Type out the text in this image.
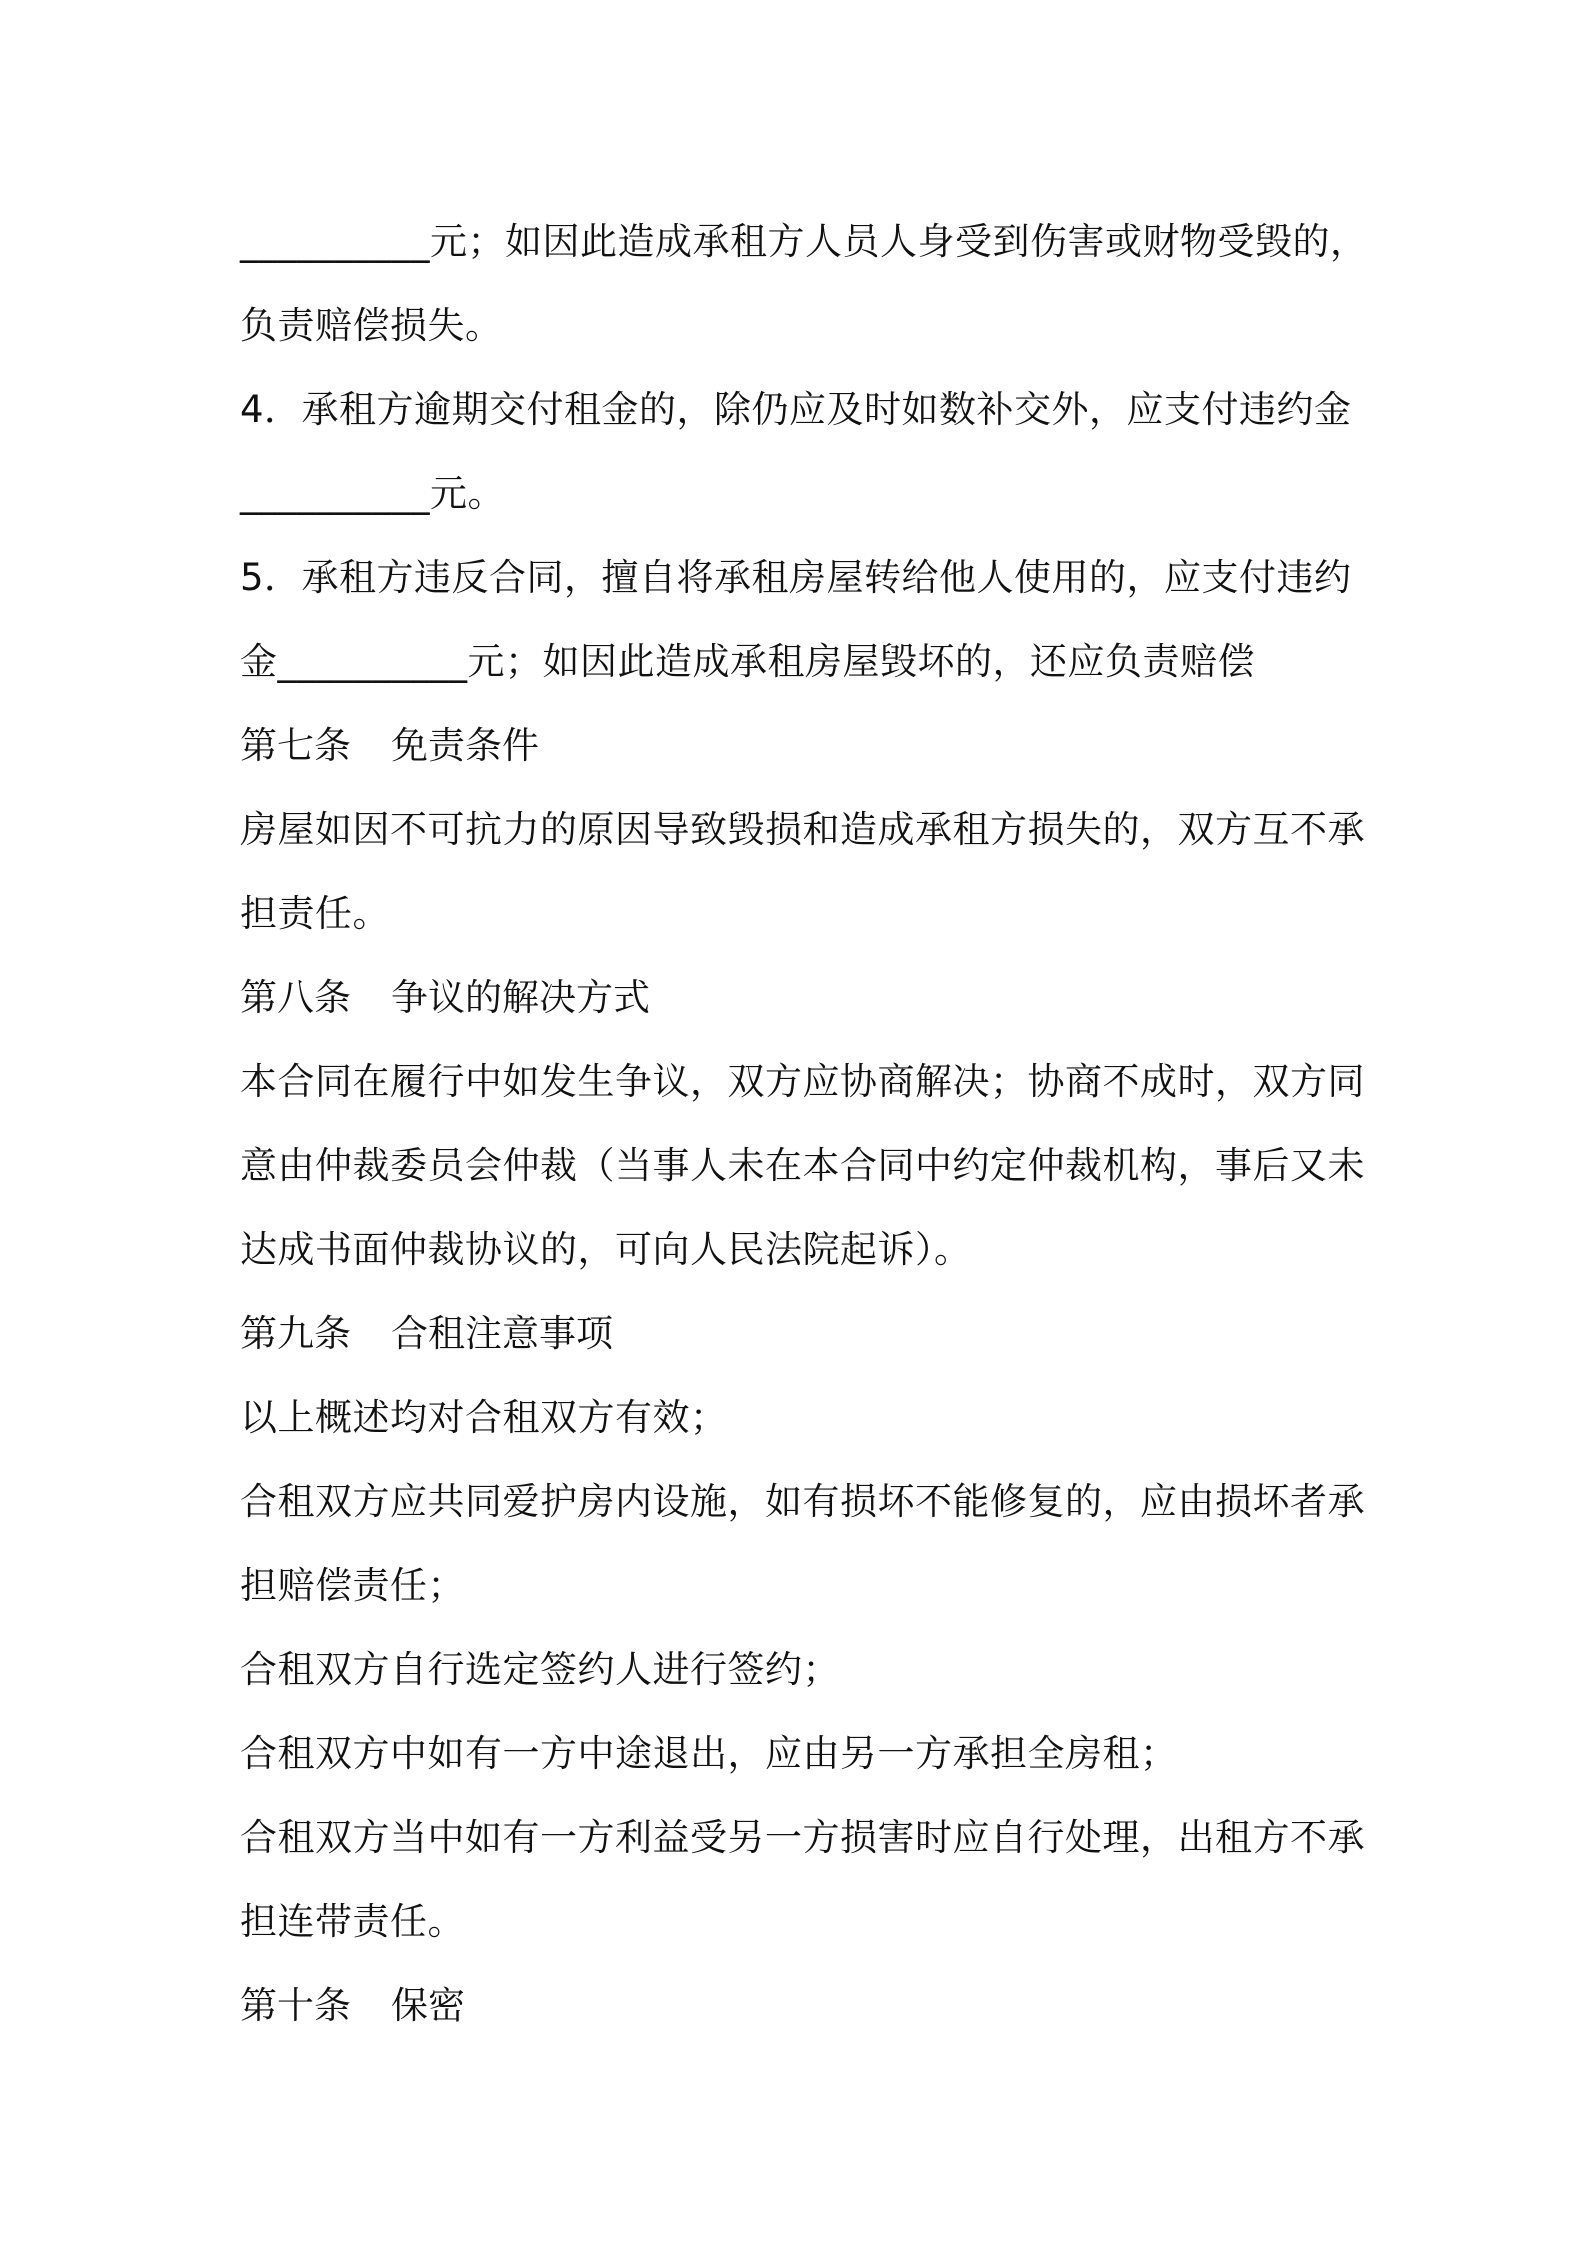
__________元；如因此造成承租方人员人身受到伤害或财物受毁的，
负责赔偿损失。
4．承租方逾期交付租金的，除仍应及时如数补交外，应支付违约金
__________元。
5．承租方违反合同，擅自将承租房屋转给他人使用的，应支付违约
金__________元；如因此造成承租房屋毁坏的，还应负责赔偿
第七条 免责条件
房屋如因不可抗力的原因导致毁损和造成承租方损失的，双方互不承
担责任。
第八条 争议的解决方式
本合同在履行中如发生争议，双方应协商解决；协商不成时，双方同
意由仲裁委员会仲裁（当事人未在本合同中约定仲裁机构，事后又未
达成书面仲裁协议的，可向人民法院起诉）。
第九条 合租注意事项
以上概述均对合租双方有效；
合租双方应共同爱护房内设施，如有损坏不能修复的，应由损坏者承
担赔偿责任；
合租双方自行选定签约人进行签约；
合租双方中如有一方中途退出，应由另一方承担全房租；
合租双方当中如有一方利益受另一方损害时应自行处理，出租方不承
担连带责任。
第十条 保密
